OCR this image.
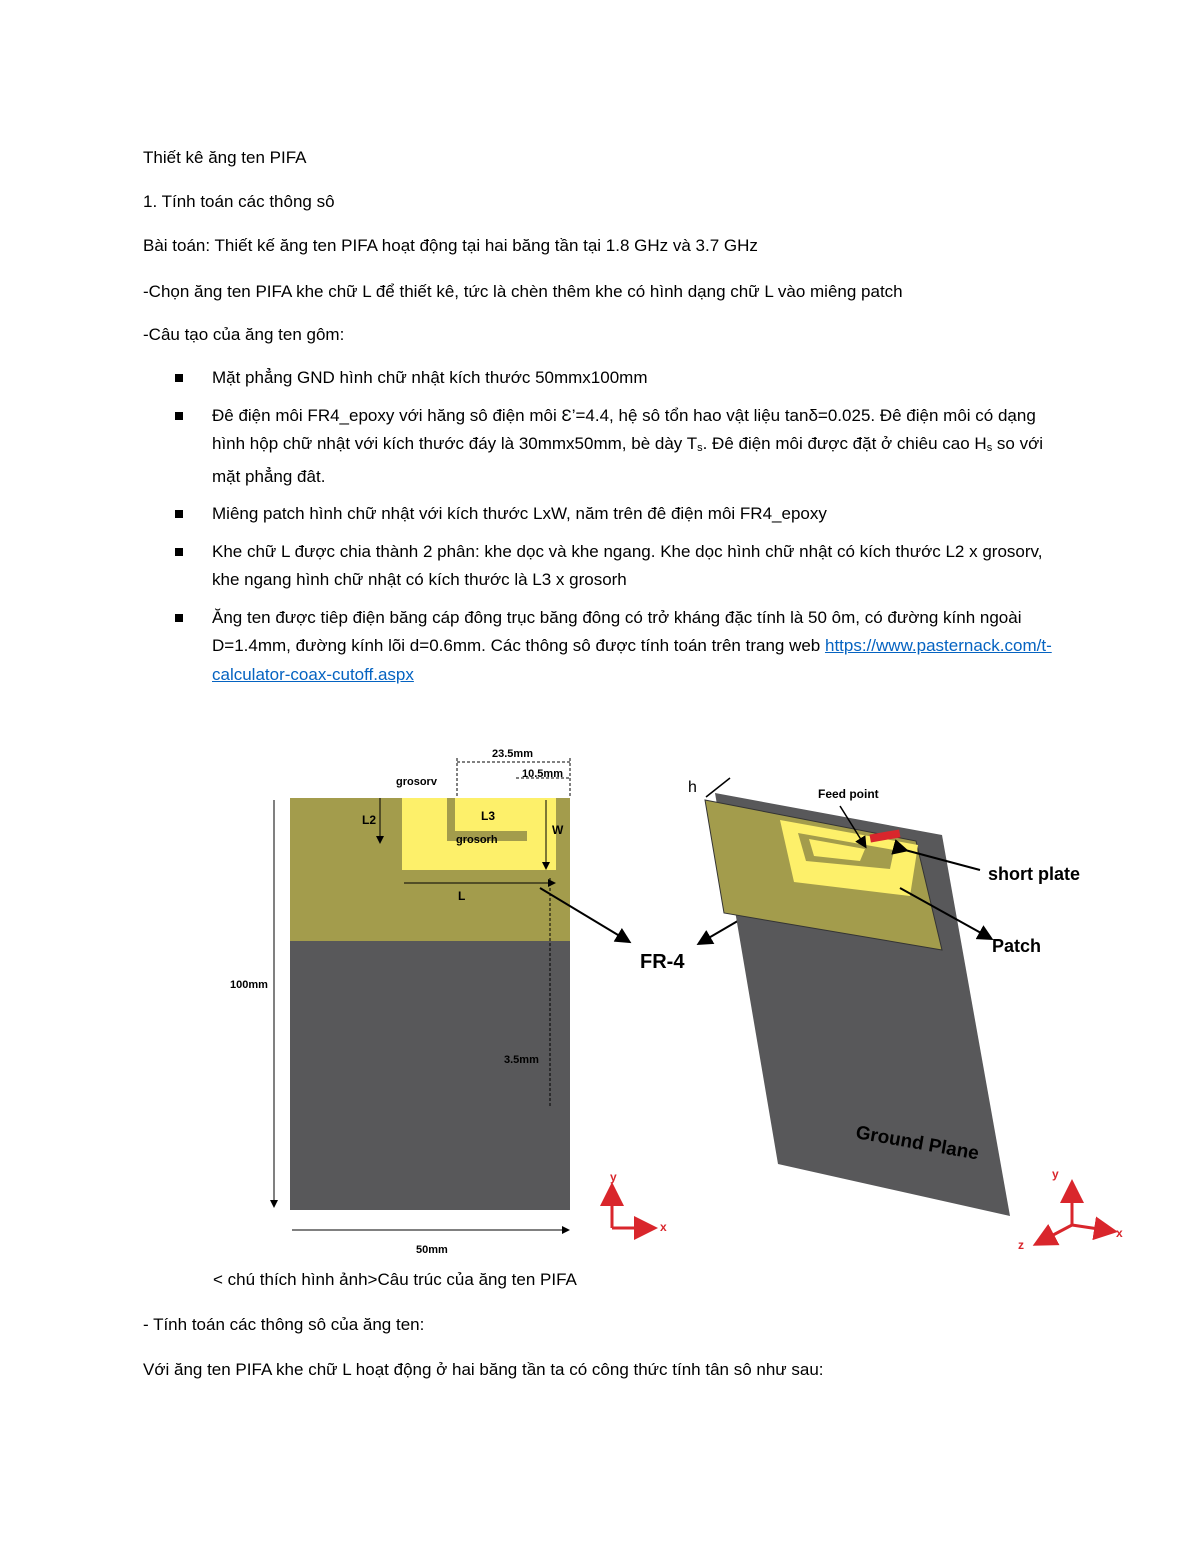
Thiết kê ăng ten PIFA
1. Tính toán các thông sô
Bài toán: Thiết kế ăng ten PIFA hoạt động tại hai băng tần tại 1.8 GHz và 3.7 GHz
-Chọn ăng ten PIFA khe chữ L để thiết kê, tức là chèn thêm khe có hình dạng chữ L vào miêng patch
-Câu tạo của ăng ten gôm:
Mặt phẳng GND hình chữ nhật kích thước 50mmx100mm
Đê điện môi FR4_epoxy với hăng sô điện môi Ɛ’=4.4, hệ sô tổn hao vật liệu tanδ=0.025. Đê điện môi có dạng hình hộp chữ nhật với kích thước đáy là 30mmx50mm, bè dày Ts. Đê điện môi được đặt ở chiêu cao Hs so với mặt phẳng đât.
Miêng patch hình chữ nhật với kích thước LxW, năm trên đê điện môi FR4_epoxy
Khe chữ L được chia thành 2 phân: khe dọc và khe ngang. Khe dọc hình chữ nhật có kích thước L2 x grosorv, khe ngang hình chữ nhật có kích thước là L3 x grosorh
Ăng ten được tiêp điện băng cáp đông trục băng đông có trở kháng đặc tính là 50 ôm, có đường kính ngoài D=1.4mm, đường kính lõi d=0.6mm. Các thông sô được tính toán trên trang web https://www.pasternack.com/t-calculator-coax-cutoff.aspx
23.5mm
10.5mm
grosorv
L2	L3
grosorh
W
L
100mm
3.5mm
50mm
y
x
FR-4
Ground Plane
h	Feed point
short plate
Patch
y
x
z
< chú thích hình ảnh>Câu trúc của ăng ten PIFA
- Tính toán các thông sô của ăng ten:
Với ăng ten PIFA khe chữ L hoạt động ở hai băng tần ta có công thức tính tân sô như sau:
